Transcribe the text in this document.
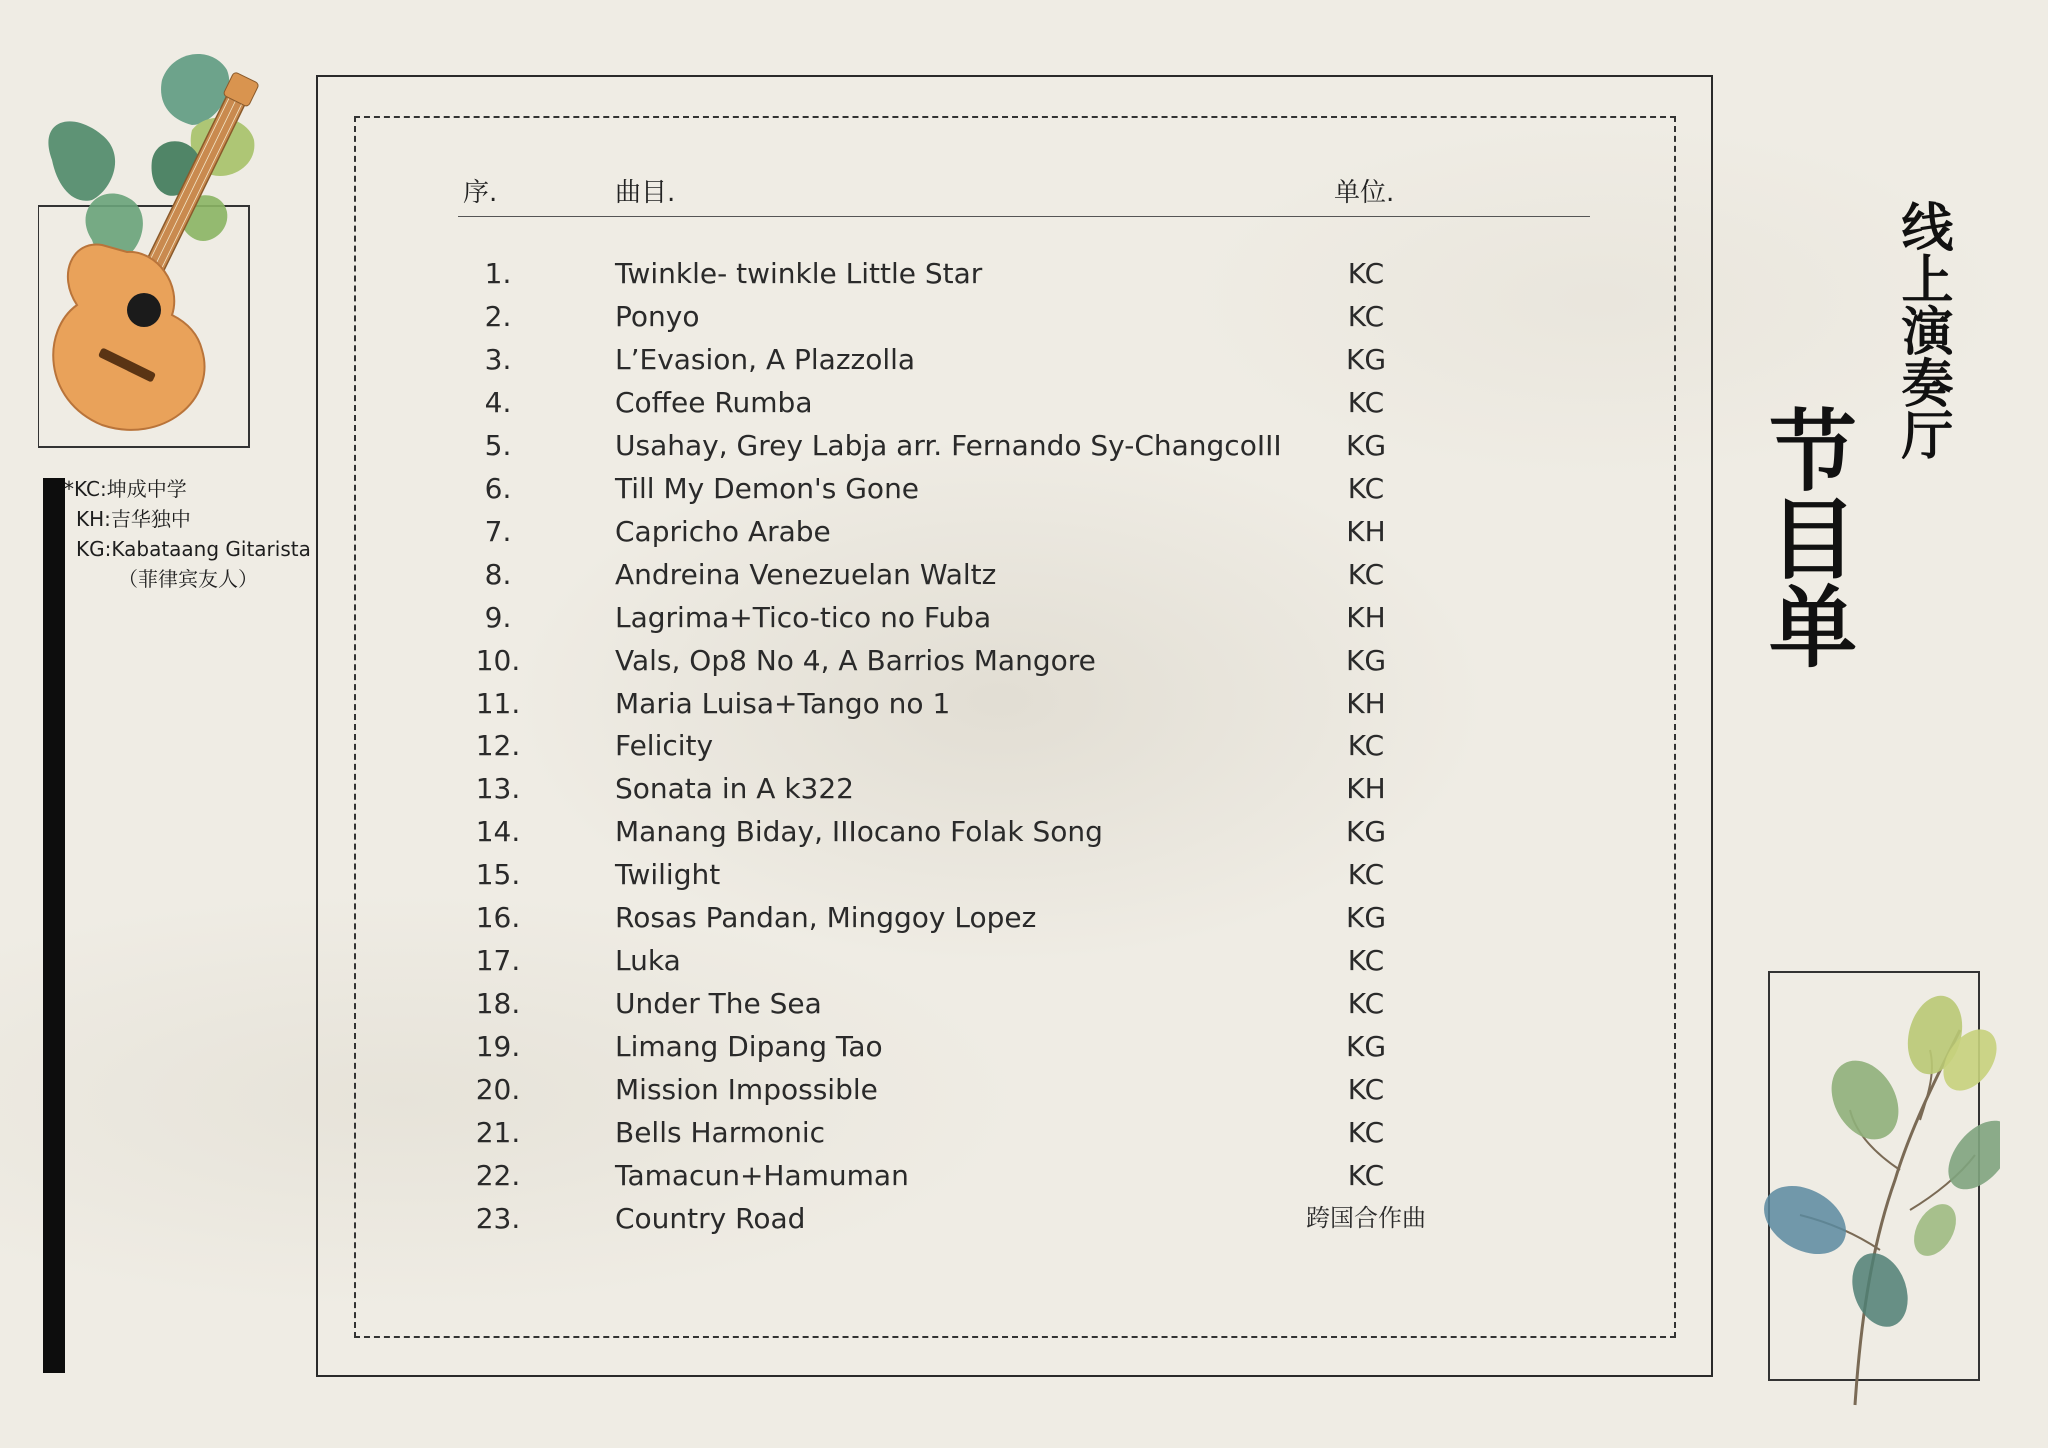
*KC:坤成中学
KH:吉华独中
KG:Kabataang Gitarista
（菲律宾友人）
序.	曲目.	单位.
1.	Twinkle- twinkle Little Star	KC
2.	Ponyo	KC
3.	L’Evasion, A Plazzolla	KG
4.	Coffee Rumba	KC
5.	Usahay, Grey Labja arr. Fernando Sy-ChangcoIII	KG
6.	Till My Demon's Gone	KC
7.	Capricho Arabe	KH
8.	Andreina Venezuelan Waltz	KC
9.	Lagrima+Tico-tico no Fuba	KH
10.	Vals, Op8 No 4, A Barrios Mangore	KG
11.	Maria Luisa+Tango no 1	KH
12.	Felicity	KC
13.	Sonata in A k322	KH
14.	Manang Biday, IIIocano Folak Song	KG
15.	Twilight	KC
16.	Rosas Pandan, Minggoy Lopez	KG
17.	Luka	KC
18.	Under The Sea	KC
19.	Limang Dipang Tao	KG
20.	Mission Impossible	KC
21.	Bells Harmonic	KC
22.	Tamacun+Hamuman	KC
23.	Country Road	跨国合作曲
线上演奏厅
节目单
